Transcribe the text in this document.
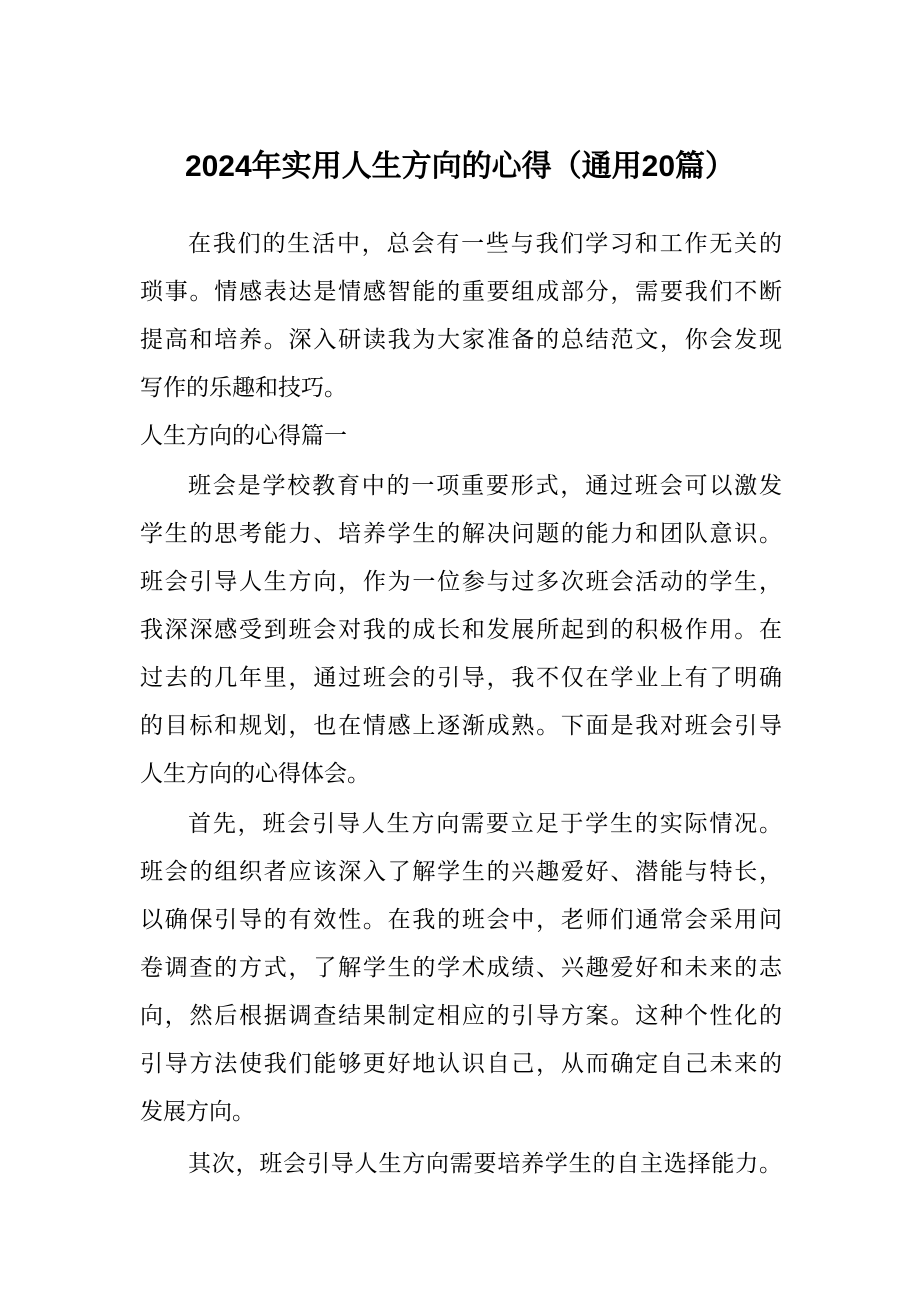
2024年实用人生方向的心得（通用20篇）
在我们的生活中，总会有一些与我们学习和工作无关的
琐事。情感表达是情感智能的重要组成部分，需要我们不断
提高和培养。深入研读我为大家准备的总结范文，你会发现
写作的乐趣和技巧。
人生方向的心得篇一
班会是学校教育中的一项重要形式，通过班会可以激发
学生的思考能力、培养学生的解决问题的能力和团队意识。
班会引导人生方向，作为一位参与过多次班会活动的学生，
我深深感受到班会对我的成长和发展所起到的积极作用。在
过去的几年里，通过班会的引导，我不仅在学业上有了明确
的目标和规划，也在情感上逐渐成熟。下面是我对班会引导
人生方向的心得体会。
首先，班会引导人生方向需要立足于学生的实际情况。
班会的组织者应该深入了解学生的兴趣爱好、潜能与特长，
以确保引导的有效性。在我的班会中，老师们通常会采用问
卷调查的方式，了解学生的学术成绩、兴趣爱好和未来的志
向，然后根据调查结果制定相应的引导方案。这种个性化的
引导方法使我们能够更好地认识自己，从而确定自己未来的
发展方向。
其次，班会引导人生方向需要培养学生的自主选择能力。
